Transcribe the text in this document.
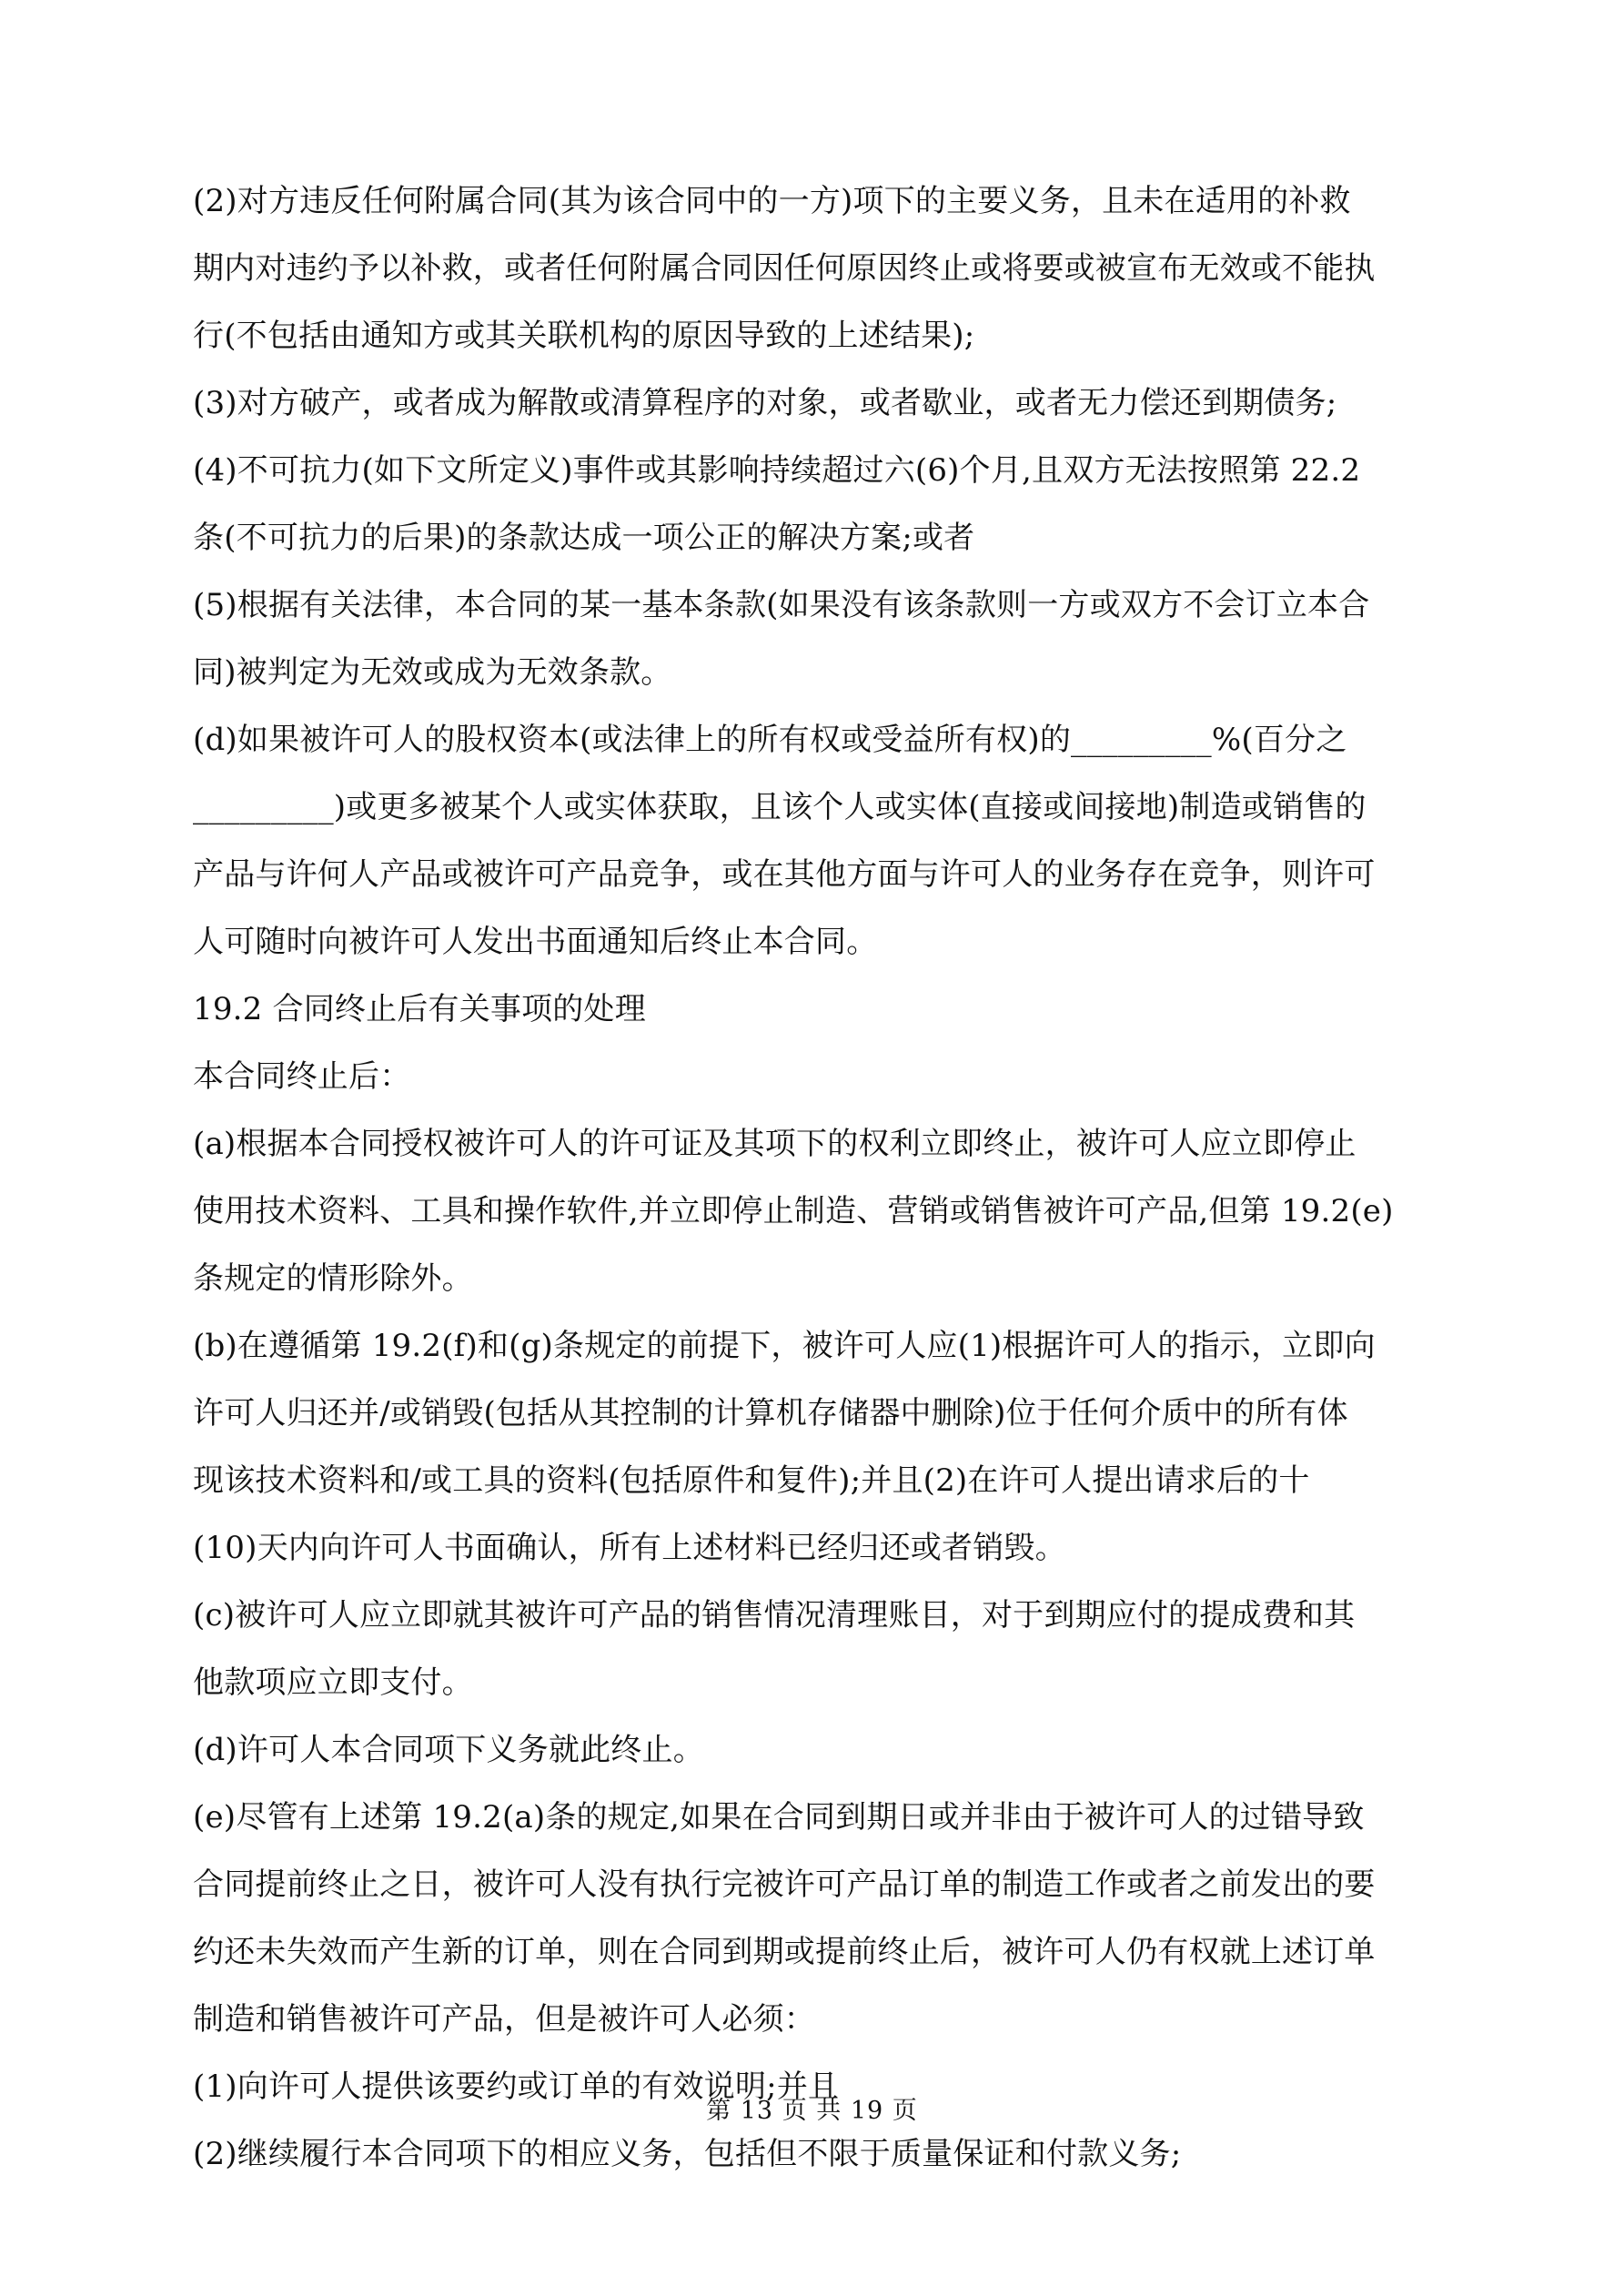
(2)对方违反任何附属合同(其为该合同中的一方)项下的主要义务，且未在适用的补救
期内对违约予以补救，或者任何附属合同因任何原因终止或将要或被宣布无效或不能执
行(不包括由通知方或其关联机构的原因导致的上述结果);
(3)对方破产，或者成为解散或清算程序的对象，或者歇业，或者无力偿还到期债务;
(4)不可抗力(如下文所定义)事件或其影响持续超过六(6)个月,且双方无法按照第 22.2
条(不可抗力的后果)的条款达成一项公正的解决方案;或者
(5)根据有关法律，本合同的某一基本条款(如果没有该条款则一方或双方不会订立本合
同)被判定为无效或成为无效条款。
(d)如果被许可人的股权资本(或法律上的所有权或受益所有权)的_________%(百分之
_________)或更多被某个人或实体获取，且该个人或实体(直接或间接地)制造或销售的
产品与许何人产品或被许可产品竞争，或在其他方面与许可人的业务存在竞争，则许可
人可随时向被许可人发出书面通知后终止本合同。
19.2 合同终止后有关事项的处理
本合同终止后：
(a)根据本合同授权被许可人的许可证及其项下的权利立即终止，被许可人应立即停止
使用技术资料、工具和操作软件,并立即停止制造、营销或销售被许可产品,但第 19.2(e)
条规定的情形除外。
(b)在遵循第 19.2(f)和(g)条规定的前提下，被许可人应(1)根据许可人的指示，立即向
许可人归还并/或销毁(包括从其控制的计算机存储器中删除)位于任何介质中的所有体
现该技术资料和/或工具的资料(包括原件和复件);并且(2)在许可人提出请求后的十
(10)天内向许可人书面确认，所有上述材料已经归还或者销毁。
(c)被许可人应立即就其被许可产品的销售情况清理账目，对于到期应付的提成费和其
他款项应立即支付。
(d)许可人本合同项下义务就此终止。
(e)尽管有上述第 19.2(a)条的规定,如果在合同到期日或并非由于被许可人的过错导致
合同提前终止之日，被许可人没有执行完被许可产品订单的制造工作或者之前发出的要
约还未失效而产生新的订单，则在合同到期或提前终止后，被许可人仍有权就上述订单
制造和销售被许可产品，但是被许可人必须：
(1)向许可人提供该要约或订单的有效说明;并且
(2)继续履行本合同项下的相应义务，包括但不限于质量保证和付款义务;
第 13 页 共 19 页
